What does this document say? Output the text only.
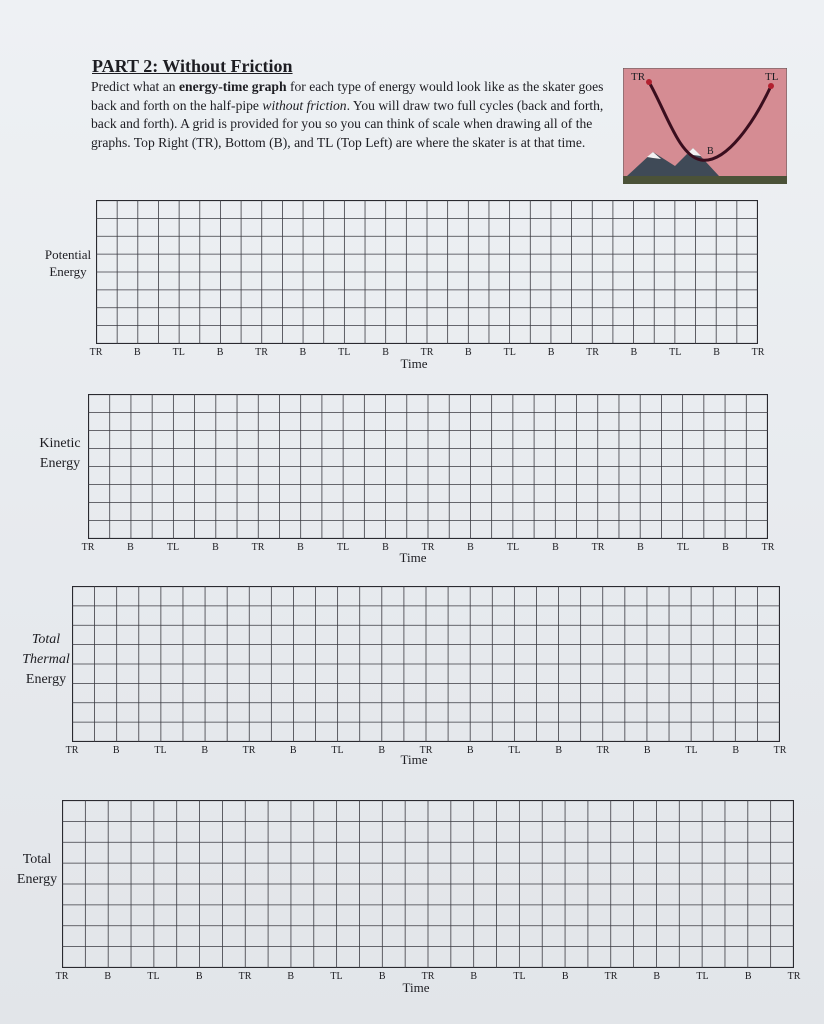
PART 2: Without Friction

Predict what an energy-time graph for each type of energy would look like as the skater goes back and forth on the half-pipe without friction. You will draw two full cycles (back and forth, back and forth). A grid is provided for you so you can think of scale when drawing all of the graphs. Top Right (TR), Bottom (B), and TL (Top Left) are where the skater is at that time.

TR	TL
B
Potential
Energy
TR	B	TL	B	TR	B	TL	B	TR	B	TL	B	TR	B	TL	B	TR
Time
Kinetic
Energy
TR	B	TL	B	TR	B	TL	B	TR	B	TL	B	TR	B	TL	B	TR
Time
Total
Thermal
Energy
TR	B	TL	B	TR	B	TL	B	TR	B	TL	B	TR	B	TL	B	TR
Time
Total
Energy
TR	B	TL	B	TR	B	TL	B	TR	B	TL	B	TR	B	TL	B	TR
Time
